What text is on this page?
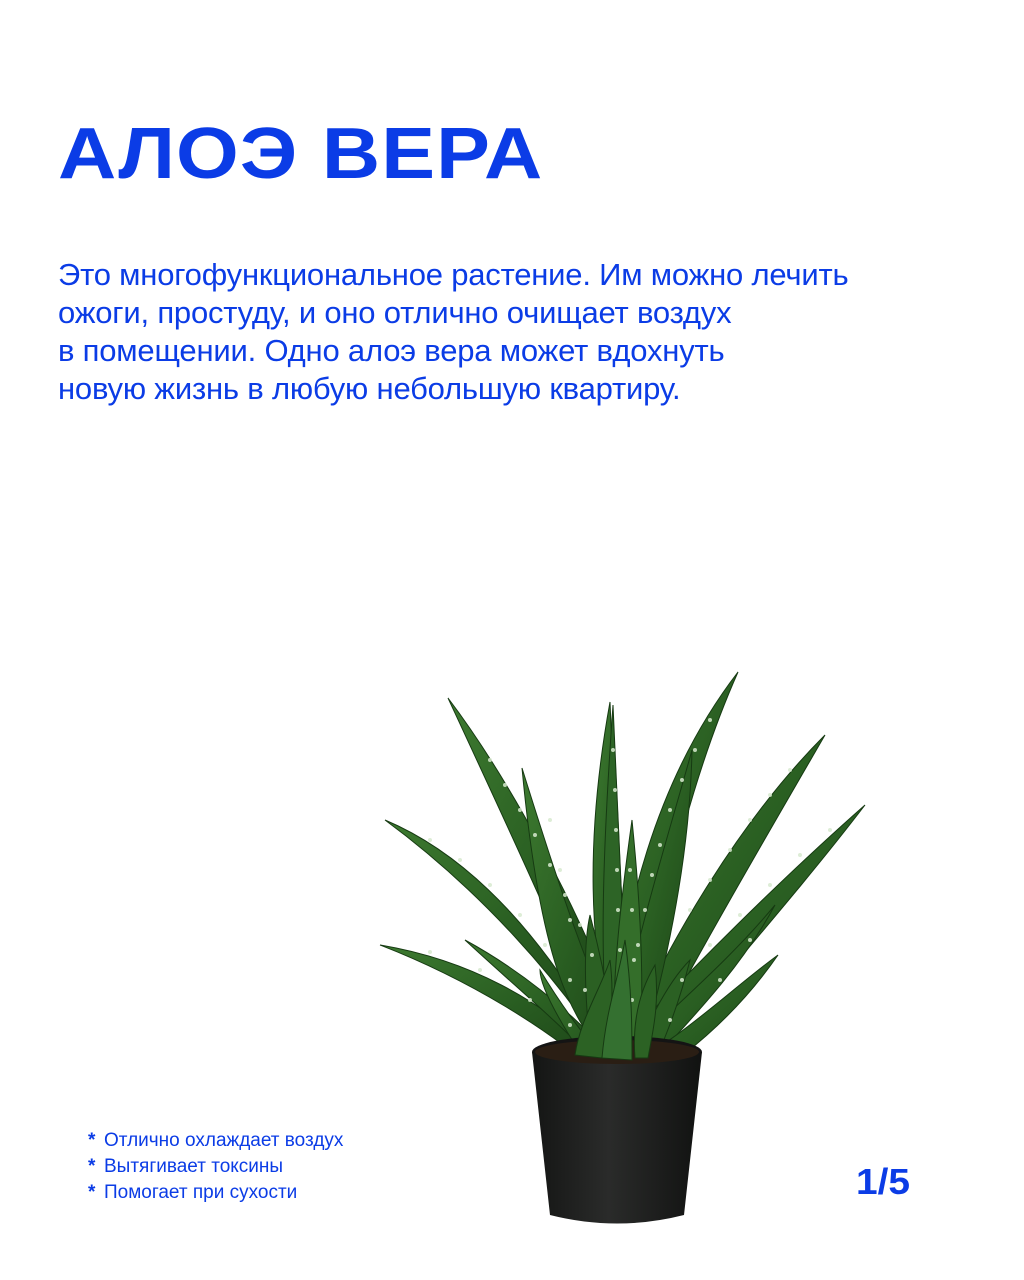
АЛОЭ ВЕРА
Это многофункциональное растение. Им можно лечить
ожоги, простуду, и оно отлично очищает воздух
в помещении. Одно алоэ вера может вдохнуть
новую жизнь в любую небольшую квартиру.
* Отлично охлаждает воздух
* Вытягивает токсины
* Помогает при сухости	1/5
